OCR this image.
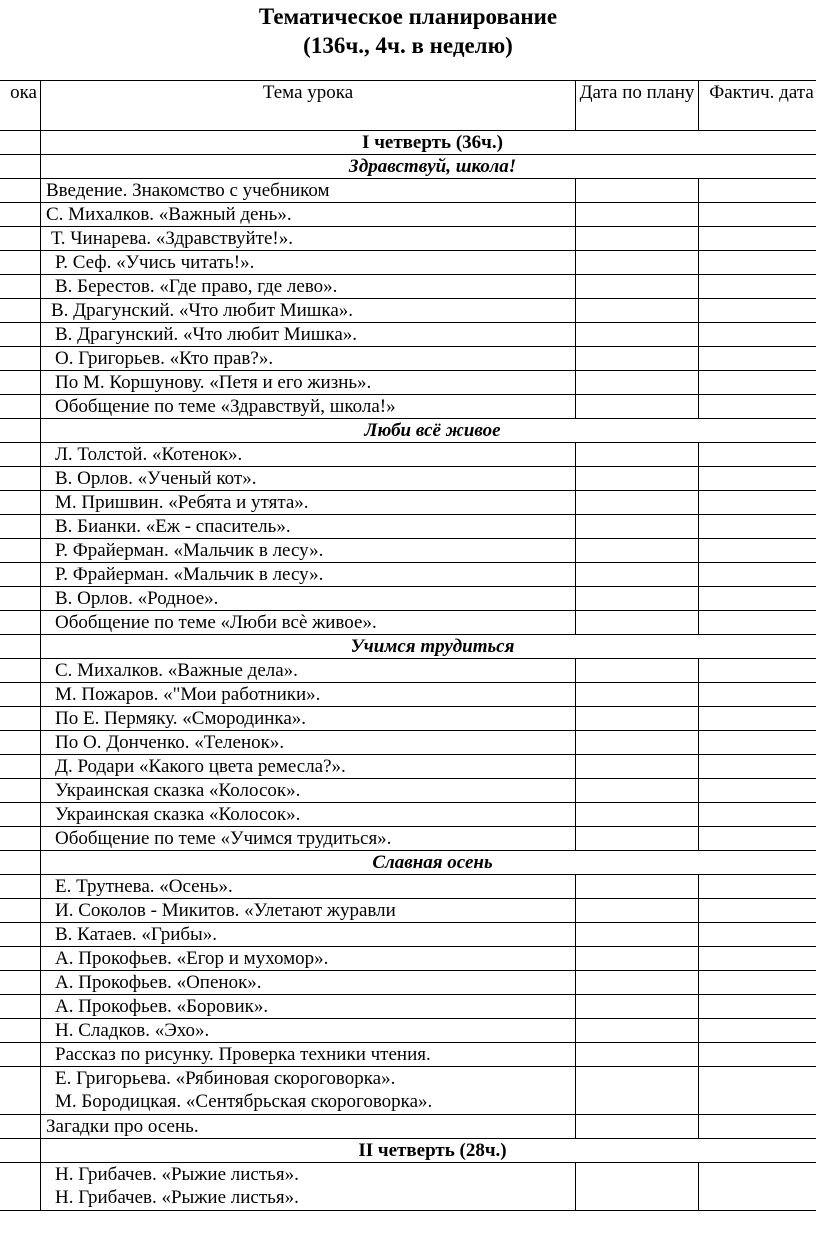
Тематическое планирование
(136ч., 4ч. в неделю)
ока	Тема урока	Дата по плану	Фактич. дата
	I четверть (36ч.)		
	Здравствуй, школа!		
	Введение. Знакомство с учебником		
	С. Михалков. «Важный день».		
	Т. Чинарева. «Здравствуйте!».		
	Р. Сеф. «Учись читать!».		
	В. Берестов. «Где право, где лево».		
	В. Драгунский. «Что любит Мишка».		
	В. Драгунский. «Что любит Мишка».		
	О. Григорьев. «Кто прав?».		
	По М. Коршунову. «Петя и его жизнь».		
	Обобщение по теме «Здравствуй, школа!»		
	Люби всё живое		
	Л. Толстой. «Котенок».		
	В. Орлов. «Ученый кот».		
	М. Пришвин. «Ребята и утята».		
	В. Бианки. «Еж - спаситель».		
	Р. Фрайерман. «Мальчик в лесу».		
	Р. Фрайерман. «Мальчик в лесу».		
	В. Орлов. «Родное».		
	Обобщение по теме «Люби всѐ живое».		
	Учимся трудиться		
	С. Михалков. «Важные дела».		
	М. Пожаров. «"Мои работники».		
	По Е. Пермяку. «Смородинка».		
	По О. Донченко. «Теленок».		
	Д. Родари «Какого цвета ремесла?».		
	Украинская сказка «Колосок».		
	Украинская сказка «Колосок».		
	Обобщение по теме «Учимся трудиться».		
	Славная осень		
	Е. Трутнева. «Осень».		
	И. Соколов - Микитов. «Улетают журавли		
	В. Катаев. «Грибы».		
	А. Прокофьев. «Егор и мухомор».		
	А. Прокофьев. «Опенок».		
	А. Прокофьев. «Боровик».		
	Н. Сладков. «Эхо».		
	Рассказ по рисунку. Проверка техники чтения.		

	Е. Григорьева. «Рябиновая скороговорка».
М. Бородицкая. «Сентябрьская скороговорка».		

	Загадки про осень.		
	II четверть (28ч.)		

	Н. Грибачев. «Рыжие листья».
Н. Грибачев. «Рыжие листья».		
